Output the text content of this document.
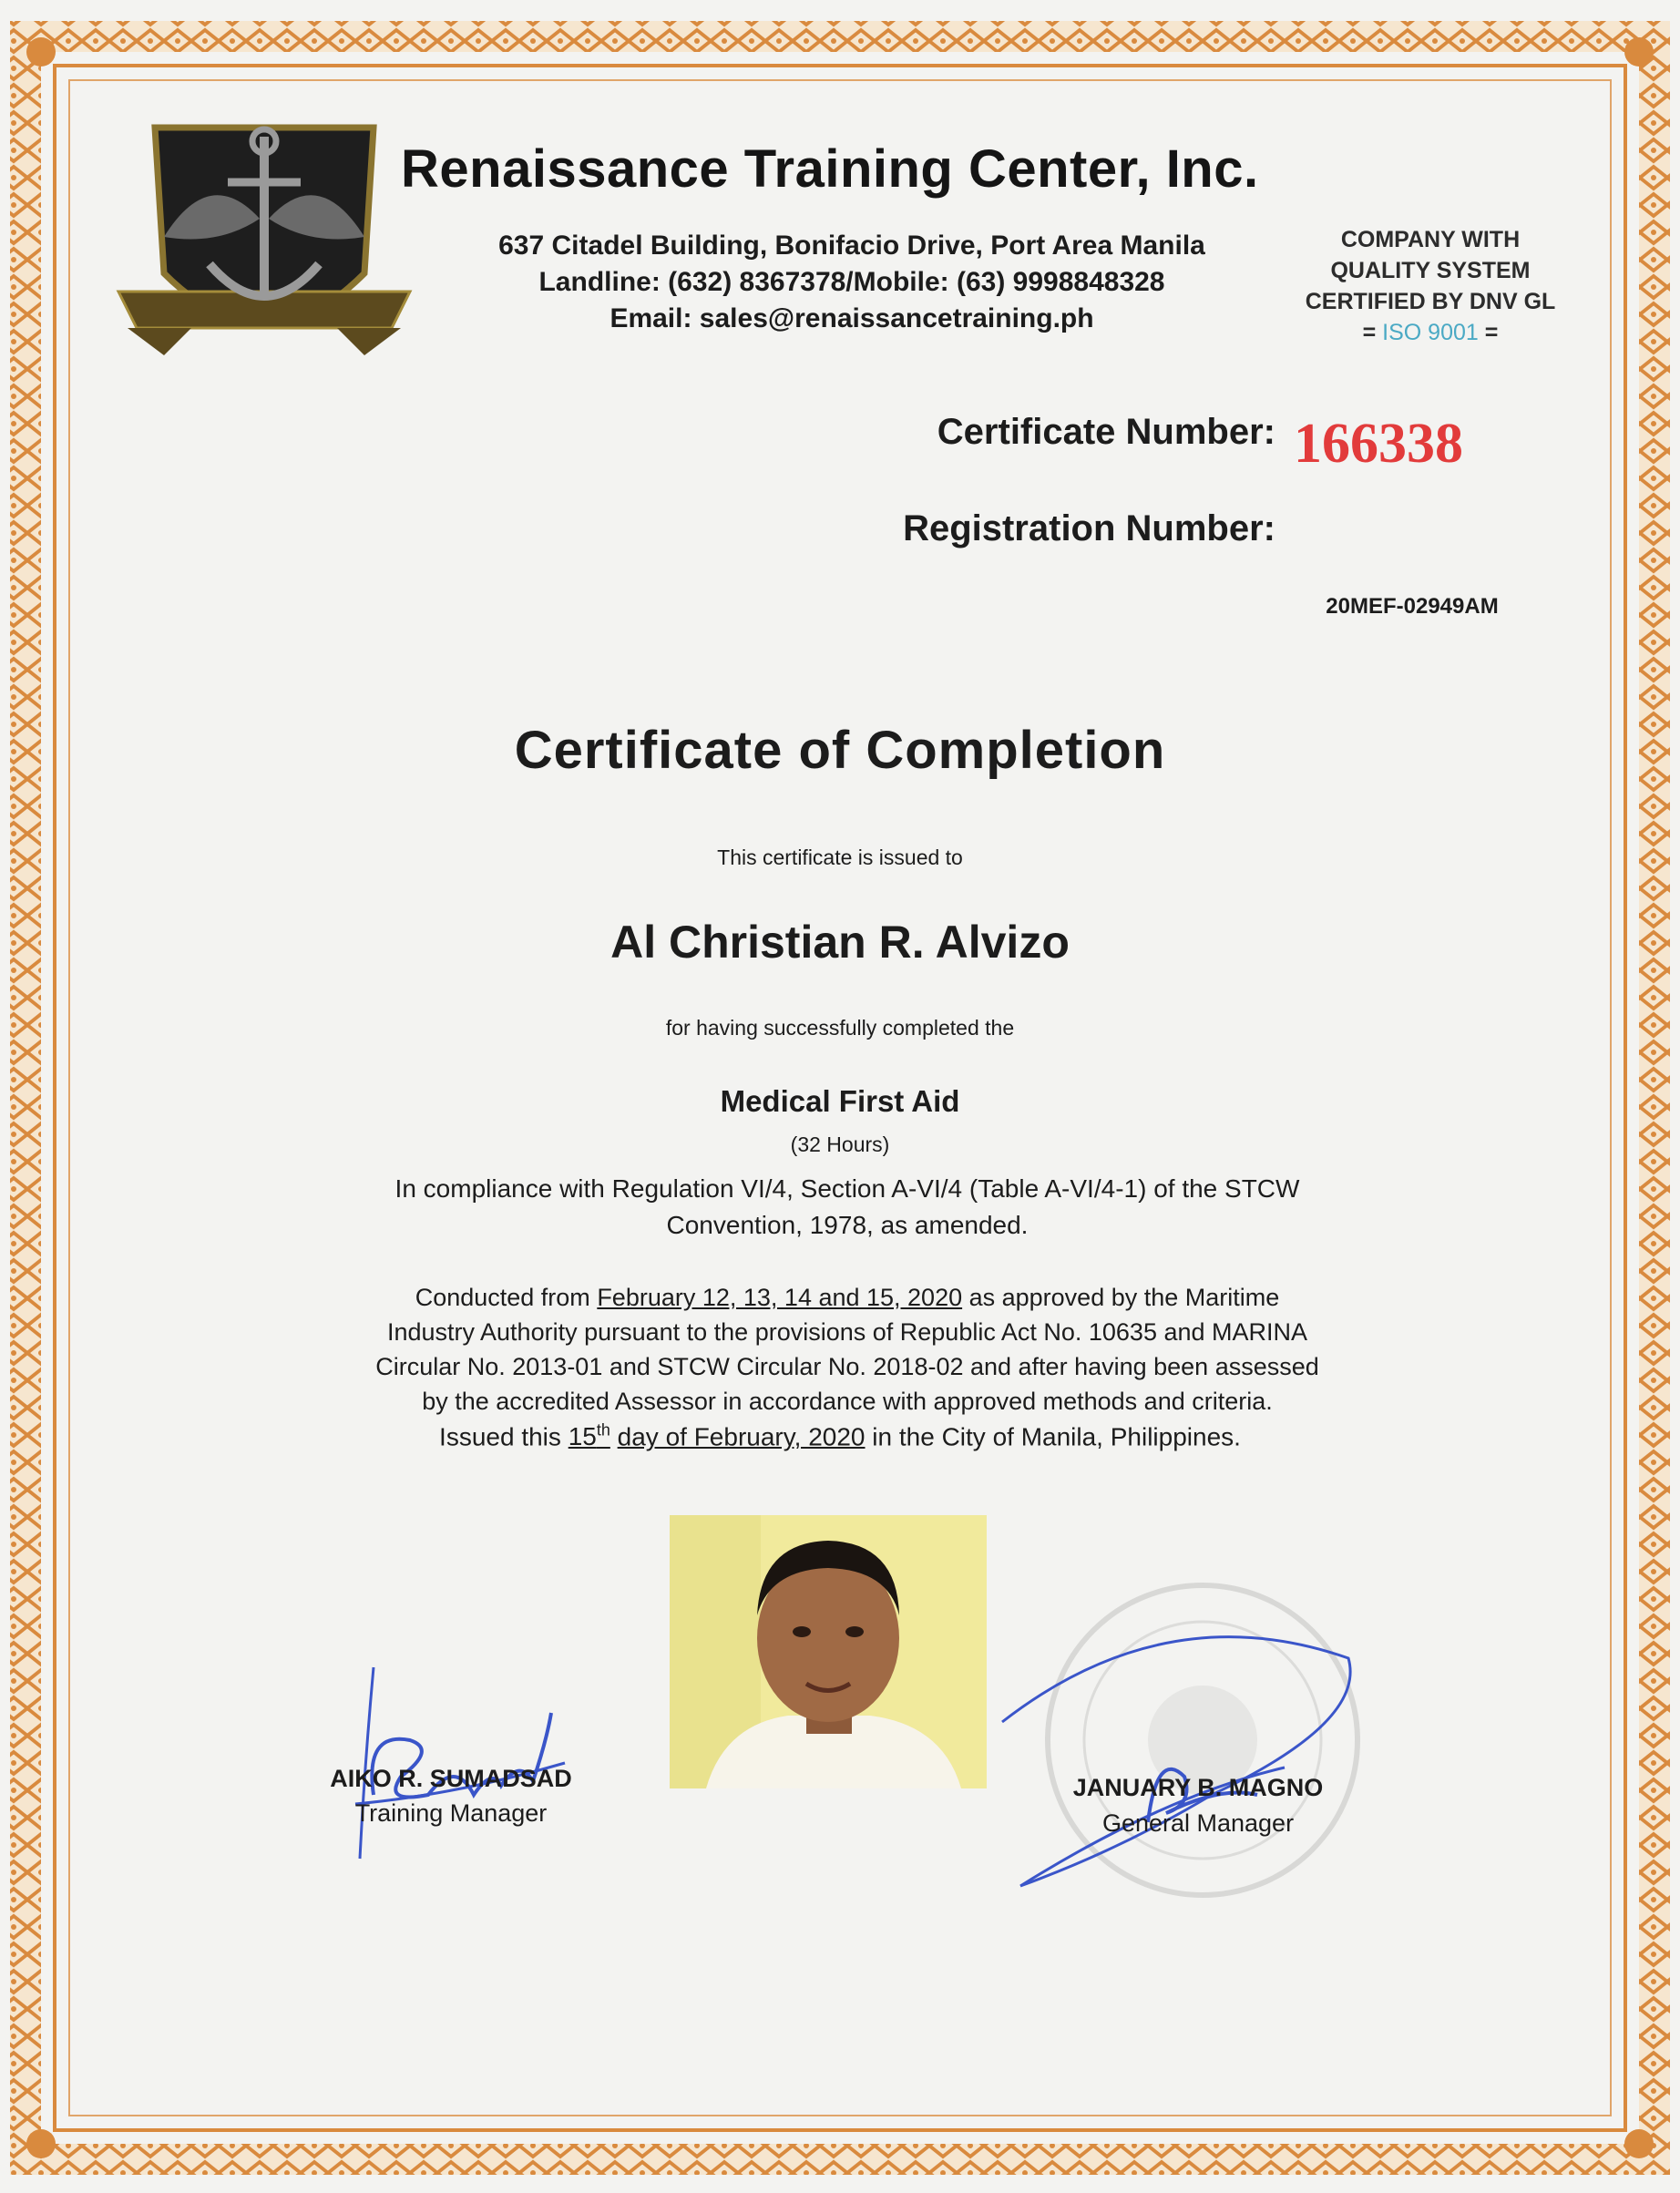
Renaissance Training Center, Inc.
637 Citadel Building, Bonifacio Drive, Port Area Manila
Landline: (632) 8367378/Mobile: (63) 9998848328
Email: sales@renaissancetraining.ph
COMPANY WITH
QUALITY SYSTEM
CERTIFIED BY DNV GL
= ISO 9001 =
Certificate Number: 166338
Registration Number:
20MEF-02949AM
Certificate of Completion
This certificate is issued to
Al Christian R. Alvizo
for having successfully completed the
Medical First Aid
(32 Hours)
In compliance with Regulation VI/4, Section A-VI/4 (Table A-VI/4-1) of the STCW
Convention, 1978, as amended.
Conducted from February 12, 13, 14 and 15, 2020 as approved by the Maritime
Industry Authority pursuant to the provisions of Republic Act No. 10635 and MARINA
Circular No. 2013-01 and STCW Circular No. 2018-02 and after having been assessed
by the accredited Assessor in accordance with approved methods and criteria.
Issued this 15th day of February, 2020 in the City of Manila, Philippines.
AIKO R. SUMADSAD
Training Manager
JANUARY B. MAGNO
General Manager
